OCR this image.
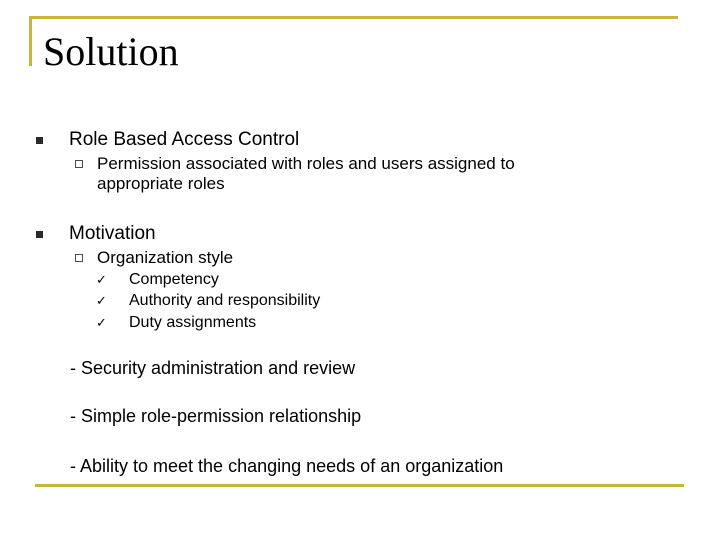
Solution
Role Based Access Control
Permission associated with roles and users assigned to
appropriate roles
Motivation
Organization style
✓ Competency
✓ Authority and responsibility
✓ Duty assignments
- Security administration and review
- Simple role-permission relationship
- Ability to meet the changing needs of an organization
